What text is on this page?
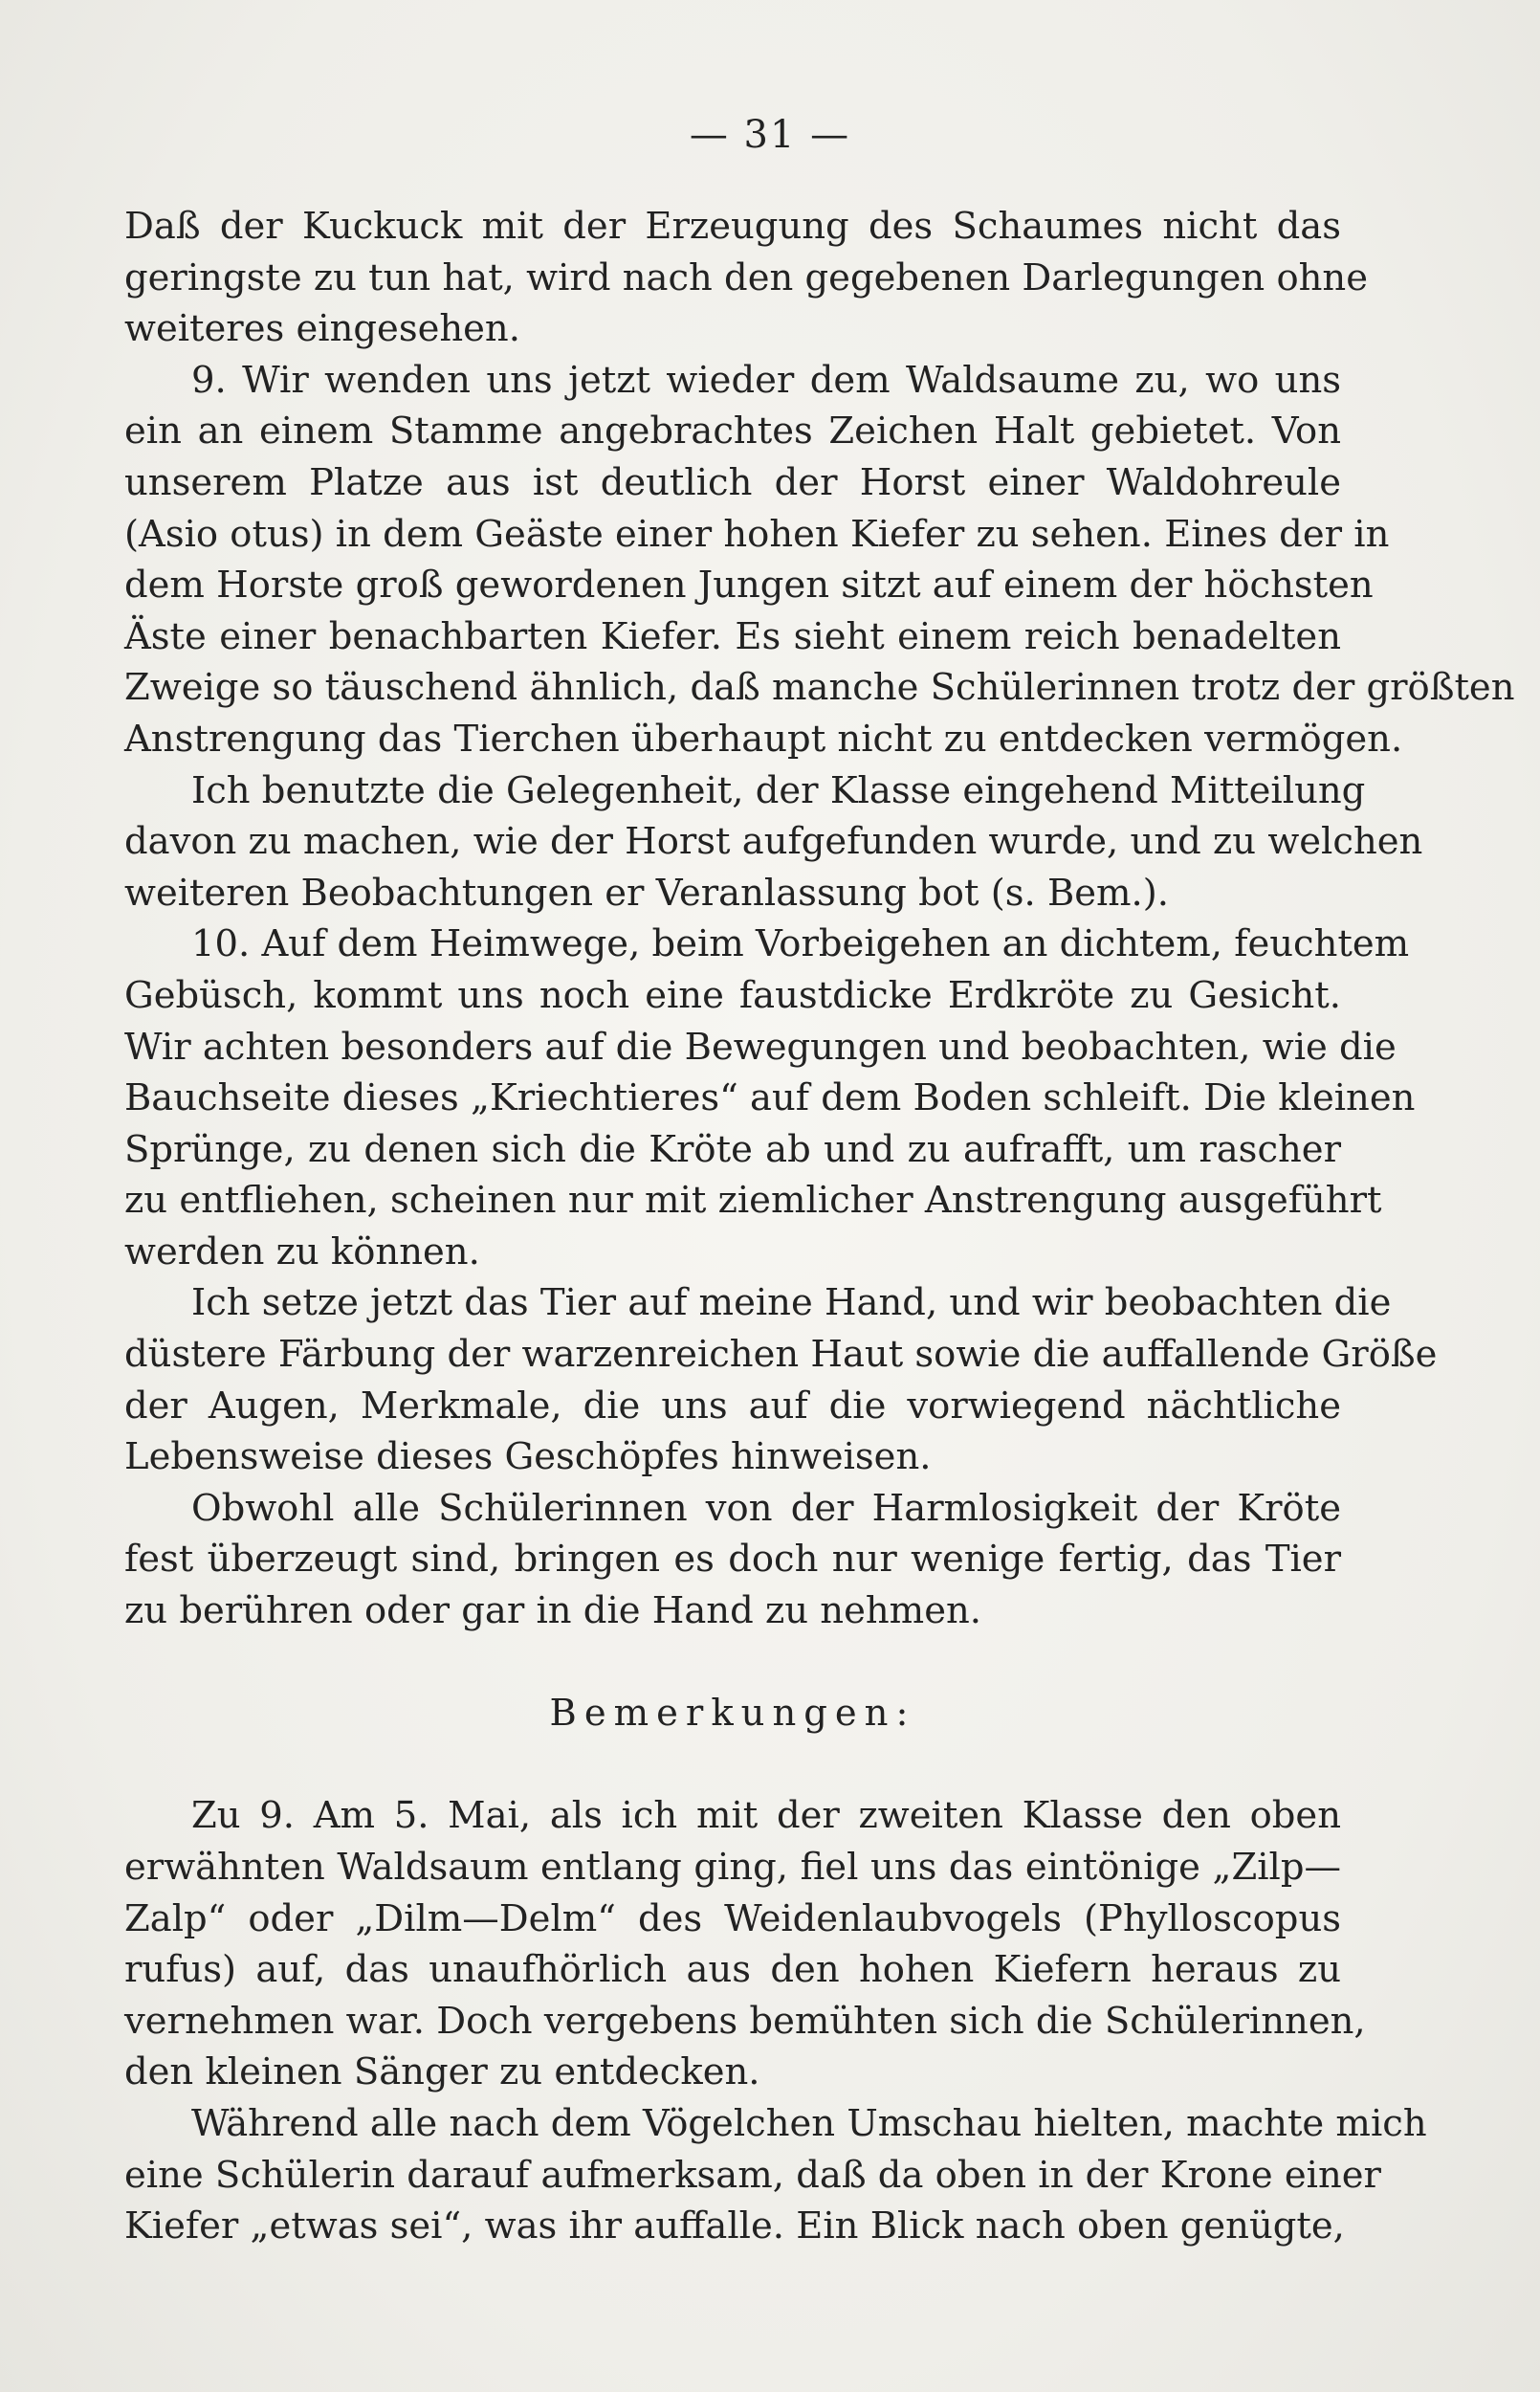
— 31 —
Daß der Kuckuck mit der Erzeugung des Schaumes nicht das
geringste zu tun hat, wird nach den gegebenen Darlegungen ohne
weiteres eingesehen.
9. Wir wenden uns jetzt wieder dem Waldsaume zu, wo uns
ein an einem Stamme angebrachtes Zeichen Halt gebietet. Von
unserem Platze aus ist deutlich der Horst einer Waldohreule
(Asio otus) in dem Geäste einer hohen Kiefer zu sehen. Eines der in
dem Horste groß gewordenen Jungen sitzt auf einem der höchsten
Äste einer benachbarten Kiefer. Es sieht einem reich benadelten
Zweige so täuschend ähnlich, daß manche Schülerinnen trotz der größten
Anstrengung das Tierchen überhaupt nicht zu entdecken vermögen.
Ich benutzte die Gelegenheit, der Klasse eingehend Mitteilung
davon zu machen, wie der Horst aufgefunden wurde, und zu welchen
weiteren Beobachtungen er Veranlassung bot (s. Bem.).
10. Auf dem Heimwege, beim Vorbeigehen an dichtem, feuchtem
Gebüsch, kommt uns noch eine faustdicke Erdkröte zu Gesicht.
Wir achten besonders auf die Bewegungen und beobachten, wie die
Bauchseite dieses „Kriechtieres“ auf dem Boden schleift. Die kleinen
Sprünge, zu denen sich die Kröte ab und zu aufrafft, um rascher
zu entfliehen, scheinen nur mit ziemlicher Anstrengung ausgeführt
werden zu können.
Ich setze jetzt das Tier auf meine Hand, und wir beobachten die
düstere Färbung der warzenreichen Haut sowie die auffallende Größe
der Augen, Merkmale, die uns auf die vorwiegend nächtliche
Lebensweise dieses Geschöpfes hinweisen.
Obwohl alle Schülerinnen von der Harmlosigkeit der Kröte
fest überzeugt sind, bringen es doch nur wenige fertig, das Tier
zu berühren oder gar in die Hand zu nehmen.
Bemerkungen:
Zu 9. Am 5. Mai, als ich mit der zweiten Klasse den oben
erwähnten Waldsaum entlang ging, fiel uns das eintönige „Zilp—
Zalp“ oder „Dilm—Delm“ des Weidenlaubvogels (Phylloscopus
rufus) auf, das unaufhörlich aus den hohen Kiefern heraus zu
vernehmen war. Doch vergebens bemühten sich die Schülerinnen,
den kleinen Sänger zu entdecken.
Während alle nach dem Vögelchen Umschau hielten, machte mich
eine Schülerin darauf aufmerksam, daß da oben in der Krone einer
Kiefer „etwas sei“, was ihr auffalle. Ein Blick nach oben genügte,
